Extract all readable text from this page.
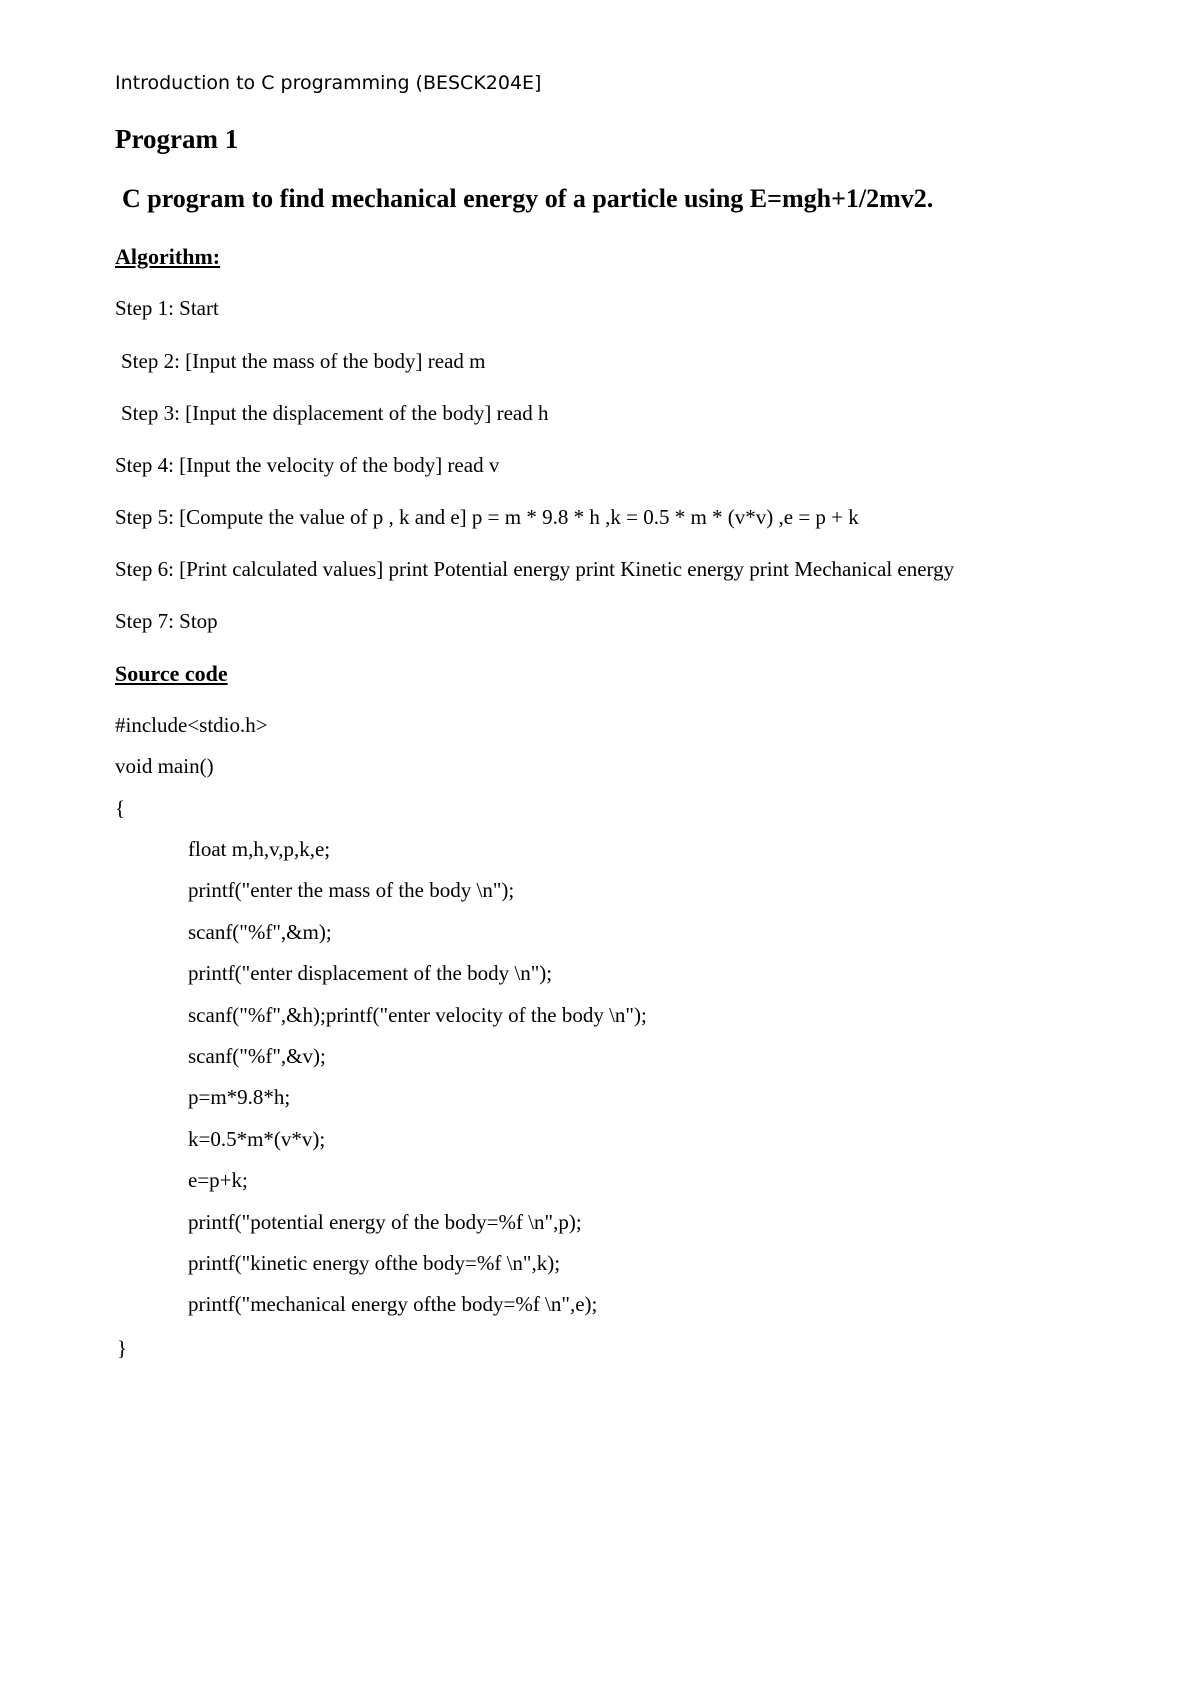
Introduction to C programming (BESCK204E]
Program 1
C program to find mechanical energy of a particle using E=mgh+1/2mv2.
Algorithm:
Step 1: Start
Step 2: [Input the mass of the body] read m
Step 3: [Input the displacement of the body] read h
Step 4: [Input the velocity of the body] read v
Step 5: [Compute the value of p , k and e] p = m * 9.8 * h ,k = 0.5 * m * (v*v) ,e = p + k
Step 6: [Print calculated values] print Potential energy print Kinetic energy print Mechanical energy
Step 7: Stop
Source code
#include<stdio.h>
void main()
{
float m,h,v,p,k,e;
printf("enter the mass of the body \n");
scanf("%f",&m);
printf("enter displacement of the body \n");
scanf("%f",&h);printf("enter velocity of the body \n");
scanf("%f",&v);
p=m*9.8*h;
k=0.5*m*(v*v);
e=p+k;
printf("potential energy of the body=%f \n",p);
printf("kinetic energy ofthe body=%f \n",k);
printf("mechanical energy ofthe body=%f \n",e);
}
